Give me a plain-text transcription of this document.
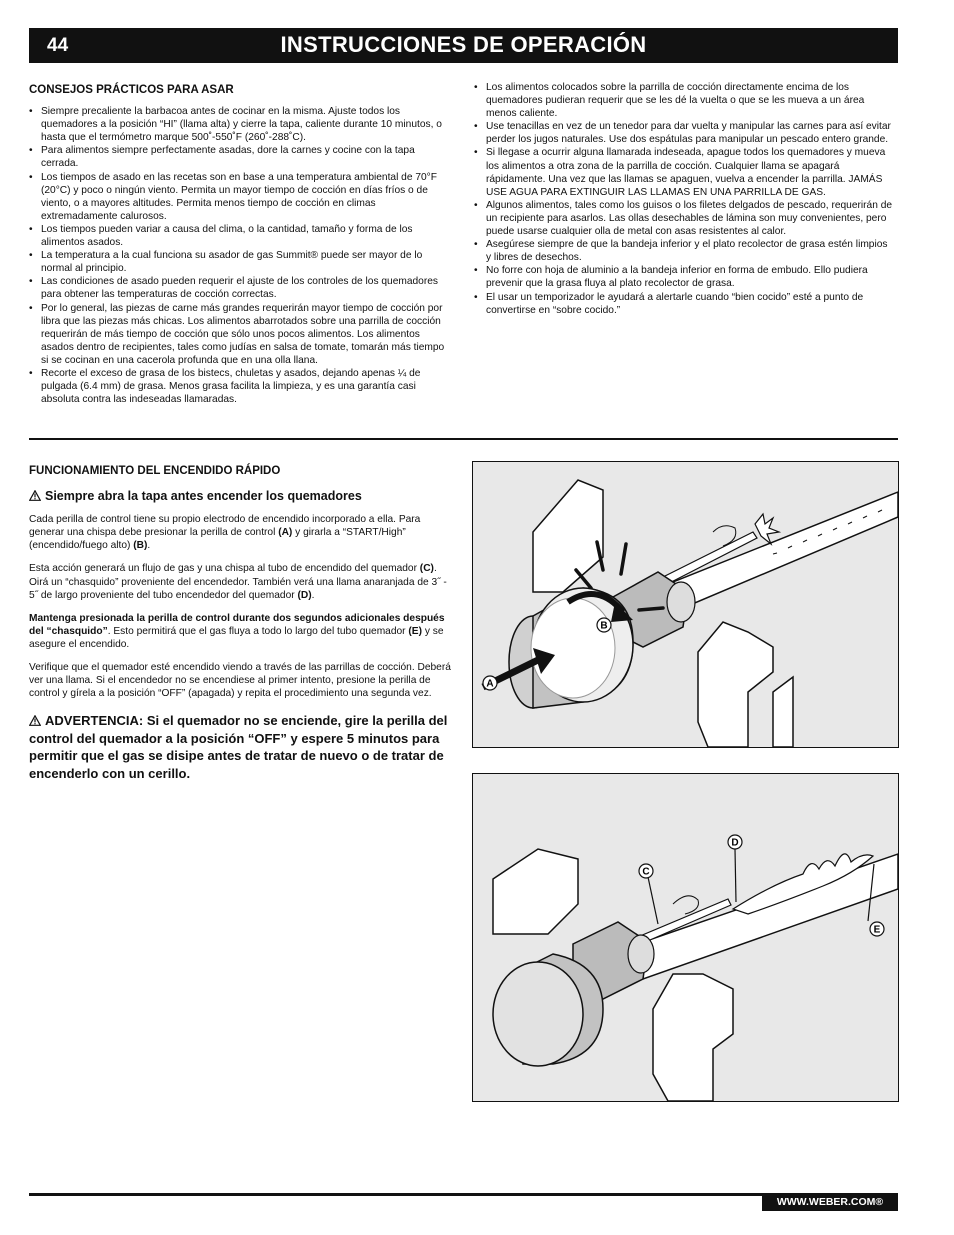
44	INSTRUCCIONES DE OPERACIÓN
CONSEJOS PRÁCTICOS PARA ASAR
• Siempre precaliente la barbacoa antes de cocinar en la misma. Ajuste todos los quemadores a la posición “HI” (llama alta) y cierre la tapa, caliente durante 10 minutos, o hasta que el termómetro marque 500˚-550˚F (260˚-288˚C).
• Para alimentos siempre perfectamente asadas, dore la carnes y cocine con la tapa cerrada.
• Los tiempos de asado en las recetas son en base a una temperatura ambiental de 70°F (20°C) y poco o ningún viento. Permita un mayor tiempo de cocción en días fríos o de viento, o a mayores altitudes. Permita menos tiempo de cocción en climas extremadamente calurosos.
• Los tiempos pueden variar a causa del clima, o la cantidad, tamaño y forma de los alimentos asados.
• La temperatura a la cual funciona su asador de gas Summit® puede ser mayor de lo normal al principio.
• Las condiciones de asado pueden requerir el ajuste de los controles de los quemadores para obtener las temperaturas de cocción correctas.
• Por lo general, las piezas de carne más grandes requerirán mayor tiempo de cocción por libra que las piezas más chicas. Los alimentos abarrotados sobre una parrilla de cocción requerirán de más tiempo de cocción que sólo unos pocos alimentos. Los alimentos asados dentro de recipientes, tales como judías en salsa de tomate, tomarán más tiempo si se cocinan en una cacerola profunda que en una olla llana.
• Recorte el exceso de grasa de los bistecs, chuletas y asados, dejando apenas ¼ de pulgada (6.4 mm) de grasa. Menos grasa facilita la limpieza, y es una garantía casi absoluta contra las indeseadas llamaradas.
• Los alimentos colocados sobre la parrilla de cocción directamente encima de los quemadores pudieran requerir que se les dé la vuelta o que se les mueva a un área menos caliente.
• Use tenacillas en vez de un tenedor para dar vuelta y manipular las carnes para así evitar perder los jugos naturales. Use dos espátulas para manipular un pescado entero grande.
• Si llegase a ocurrir alguna llamarada indeseada, apague todos los quemadores y mueva los alimentos a otra zona de la parrilla de cocción. Cualquier llama se apagará rápidamente. Una vez que las llamas se apaguen, vuelva a encender la parrilla. JAMÁS USE AGUA PARA EXTINGUIR LAS LLAMAS EN UNA PARRILLA DE GAS.
• Algunos alimentos, tales como los guisos o los filetes delgados de pescado, requerirán de un recipiente para asarlos. Las ollas desechables de lámina son muy convenientes, pero puede usarse cualquier olla de metal con asas resistentes al calor.
• Asegúrese siempre de que la bandeja inferior y el plato recolector de grasa estén limpios y libres de desechos.
• No forre con hoja de aluminio a la bandeja inferior en forma de embudo. Ello pudiera prevenir que la grasa fluya al plato recolector de grasa.
• El usar un temporizador le ayudará a alertarle cuando “bien cocido” esté a punto de convertirse en “sobre cocido.”
FUNCIONAMIENTO DEL ENCENDIDO RÁPIDO
Siempre abra la tapa antes encender los quemadores

Cada perilla de control tiene su propio electrodo de encendido incorporado a ella. Para generar una chispa debe presionar la perilla de control (A) y girarla a “START/High” (encendido/fuego alto) (B).

Esta acción generará un flujo de gas y una chispa al tubo de encendido del quemador (C). Oirá un “chasquido” proveniente del encendedor. También verá una llama anaranjada de 3˝ - 5˝ de largo proveniente del tubo encendedor del quemador (D).

Mantenga presionada la perilla de control durante dos segundos adicionales después del “chasquido”. Esto permitirá que el gas fluya a todo lo largo del tubo quemador (E) y se asegure el encendido.

Verifique que el quemador esté encendido viendo a través de las parrillas de cocción. Deberá ver una llama. Si el encendedor no se encendiese al primer intento, presione la perilla de control y gírela a la posición “OFF” (apagada) y repita el procedimiento una segunda vez.

ADVERTENCIA: Si el quemador no se enciende, gire la perilla del control del quemador a la posición “OFF” y espere 5 minutos para permitir que el gas se disipe antes de tratar de nuevo o de tratar de encenderlo con un cerillo.
B
A
C
D
E
WWW.WEBER.COM®
